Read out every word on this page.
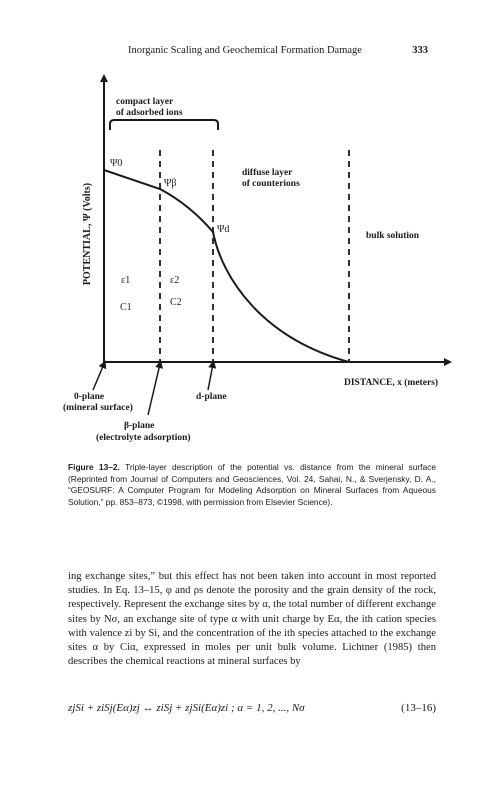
Inorganic Scaling and Geochemical Formation Damage	333
compact layer
of adsorbed ions
POTENTIAL, Ψ (Volts)
Ψ0
Ψβ
Ψd
diffuse layer
of counterions
bulk solution
ε1	ε2
C1	C2
DISTANCE, x (meters)
0-plane
(mineral surface)
d-plane
β-plane
(electrolyte adsorption)
Figure 13–2. Triple-layer description of the potential vs. distance from the mineral surface (Reprinted from Journal of Computers and Geosciences, Vol. 24, Sahai, N., & Sverjensky, D. A., “GEOSURF: A Computer Program for Modeling Adsorption on Mineral Surfaces from Aqueous Solution,” pp. 853–873, ©1998, with permission from Elsevier Science).

ing exchange sites,” but this effect has not been taken into account in most reported studies. In Eq. 13–15, φ and ρs denote the porosity and the grain density of the rock, respectively. Represent the exchange sites by α, the total number of different exchange sites by Nσ, an exchange site of type α with unit charge by Eα, the ith cation species with valence zi by Si, and the concentration of the ith species attached to the exchange sites α by Ciα, expressed in moles per unit bulk volume. Lichtner (1985) then describes the chemical reactions at mineral surfaces by

zjSi + ziSj(Eα)zj ↔ ziSj + zjSi(Eα)zi ; α = 1, 2, ..., Nσ	(13–16)
